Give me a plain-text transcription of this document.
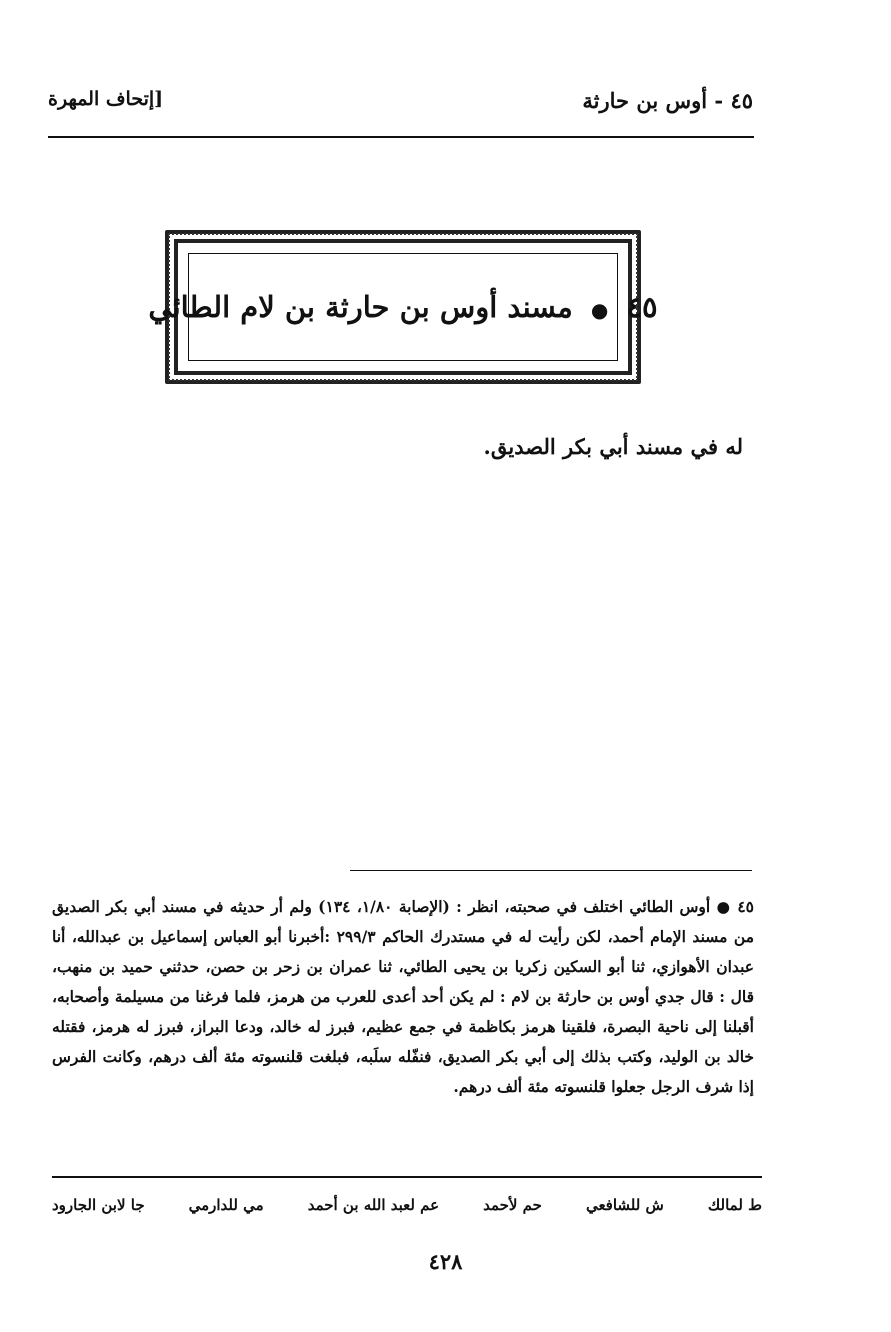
٤٥ - أوس بن حارثة
[إتحاف المهرة
٤٥ ● مسند أوس بن حارثة بن لام الطائي
له في مسند أبي بكر الصديق.
٤٥ ● أوس الطائي اختلف في صحبته، انظر : (الإصابة ١/٨٠، ١٣٤) ولم أر حديثه في مسند أبي بكر الصديق من مسند الإمام أحمد، لكن رأيت له في مستدرك الحاكم ٢٩٩/٣ :أخبرنا أبو العباس إسماعيل بن عبدالله، أنا عبدان الأهوازي، ثنا أبو السكين زكريا بن يحيى الطائي، ثنا عمران بن زحر بن حصن، حدثني حميد بن منهب، قال : قال جدي أوس بن حارثة بن لام : لم يكن أحد أعدى للعرب من هرمز، فلما فرغنا من مسيلمة وأصحابه، أقبلنا إلى ناحية البصرة، فلقينا هرمز بكاظمة في جمع عظيم، فبرز له خالد، ودعا البراز، فبرز له هرمز، فقتله خالد بن الوليد، وكتب بذلك إلى أبي بكر الصديق، فنفّله سلَبه، فبلغت قلنسوته مئة ألف درهم، وكانت الفرس إذا شرف الرجل جعلوا قلنسوته مئة ألف درهم.
ط لمالك
ش للشافعي
حم لأحمد
عم لعبد الله بن أحمد
مي للدارمي
جا لابن الجارود
٤٢٨
